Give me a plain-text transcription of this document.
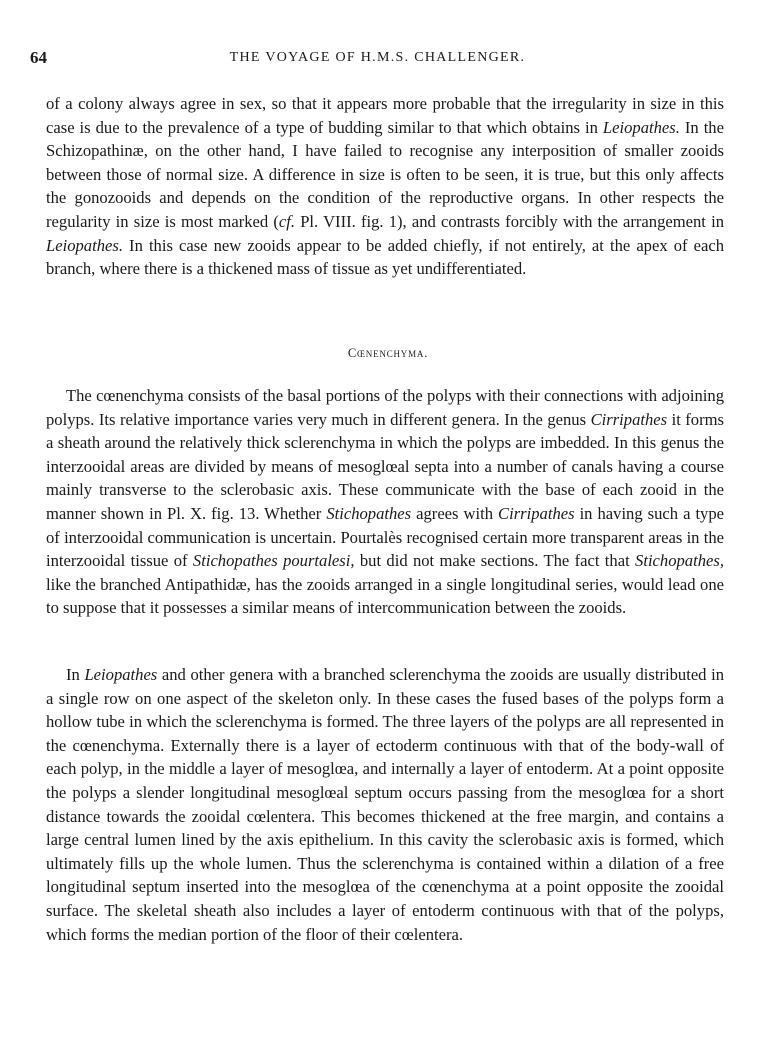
64	THE VOYAGE OF H.M.S. CHALLENGER.

of a colony always agree in sex, so that it appears more probable that the irregularity in size in this case is due to the prevalence of a type of budding similar to that which obtains in Leiopathes. In the Schizopathinæ, on the other hand, I have failed to recognise any interposition of smaller zooids between those of normal size. A difference in size is often to be seen, it is true, but this only affects the gonozooids and depends on the condition of the reproductive organs. In other respects the regularity in size is most marked (cf. Pl. VIII. fig. 1), and contrasts forcibly with the arrangement in Leiopathes. In this case new zooids appear to be added chiefly, if not entirely, at the apex of each branch, where there is a thickened mass of tissue as yet undifferentiated.

Cœnenchyma.

The cœnenchyma consists of the basal portions of the polyps with their connections with adjoining polyps. Its relative importance varies very much in different genera. In the genus Cirripathes it forms a sheath around the relatively thick sclerenchyma in which the polyps are imbedded. In this genus the interzooidal areas are divided by means of mesoglœal septa into a number of canals having a course mainly transverse to the sclerobasic axis. These communicate with the base of each zooid in the manner shown in Pl. X. fig. 13. Whether Stichopathes agrees with Cirripathes in having such a type of interzooidal communication is uncertain. Pourtalès recognised certain more transparent areas in the interzooidal tissue of Stichopathes pourtalesi, but did not make sections. The fact that Stichopathes, like the branched Antipathidæ, has the zooids arranged in a single longitudinal series, would lead one to suppose that it possesses a similar means of intercommunication between the zooids.

In Leiopathes and other genera with a branched sclerenchyma the zooids are usually distributed in a single row on one aspect of the skeleton only. In these cases the fused bases of the polyps form a hollow tube in which the sclerenchyma is formed. The three layers of the polyps are all represented in the cœnenchyma. Externally there is a layer of ectoderm continuous with that of the body-wall of each polyp, in the middle a layer of mesoglœa, and internally a layer of entoderm. At a point opposite the polyps a slender longitudinal mesoglœal septum occurs passing from the mesoglœa for a short distance towards the zooidal cœlentera. This becomes thickened at the free margin, and contains a large central lumen lined by the axis epithelium. In this cavity the sclerobasic axis is formed, which ultimately fills up the whole lumen. Thus the sclerenchyma is contained within a dilation of a free longitudinal septum inserted into the mesoglœa of the cœnenchyma at a point opposite the zooidal surface. The skeletal sheath also includes a layer of entoderm continuous with that of the polyps, which forms the median portion of the floor of their cœlentera.
